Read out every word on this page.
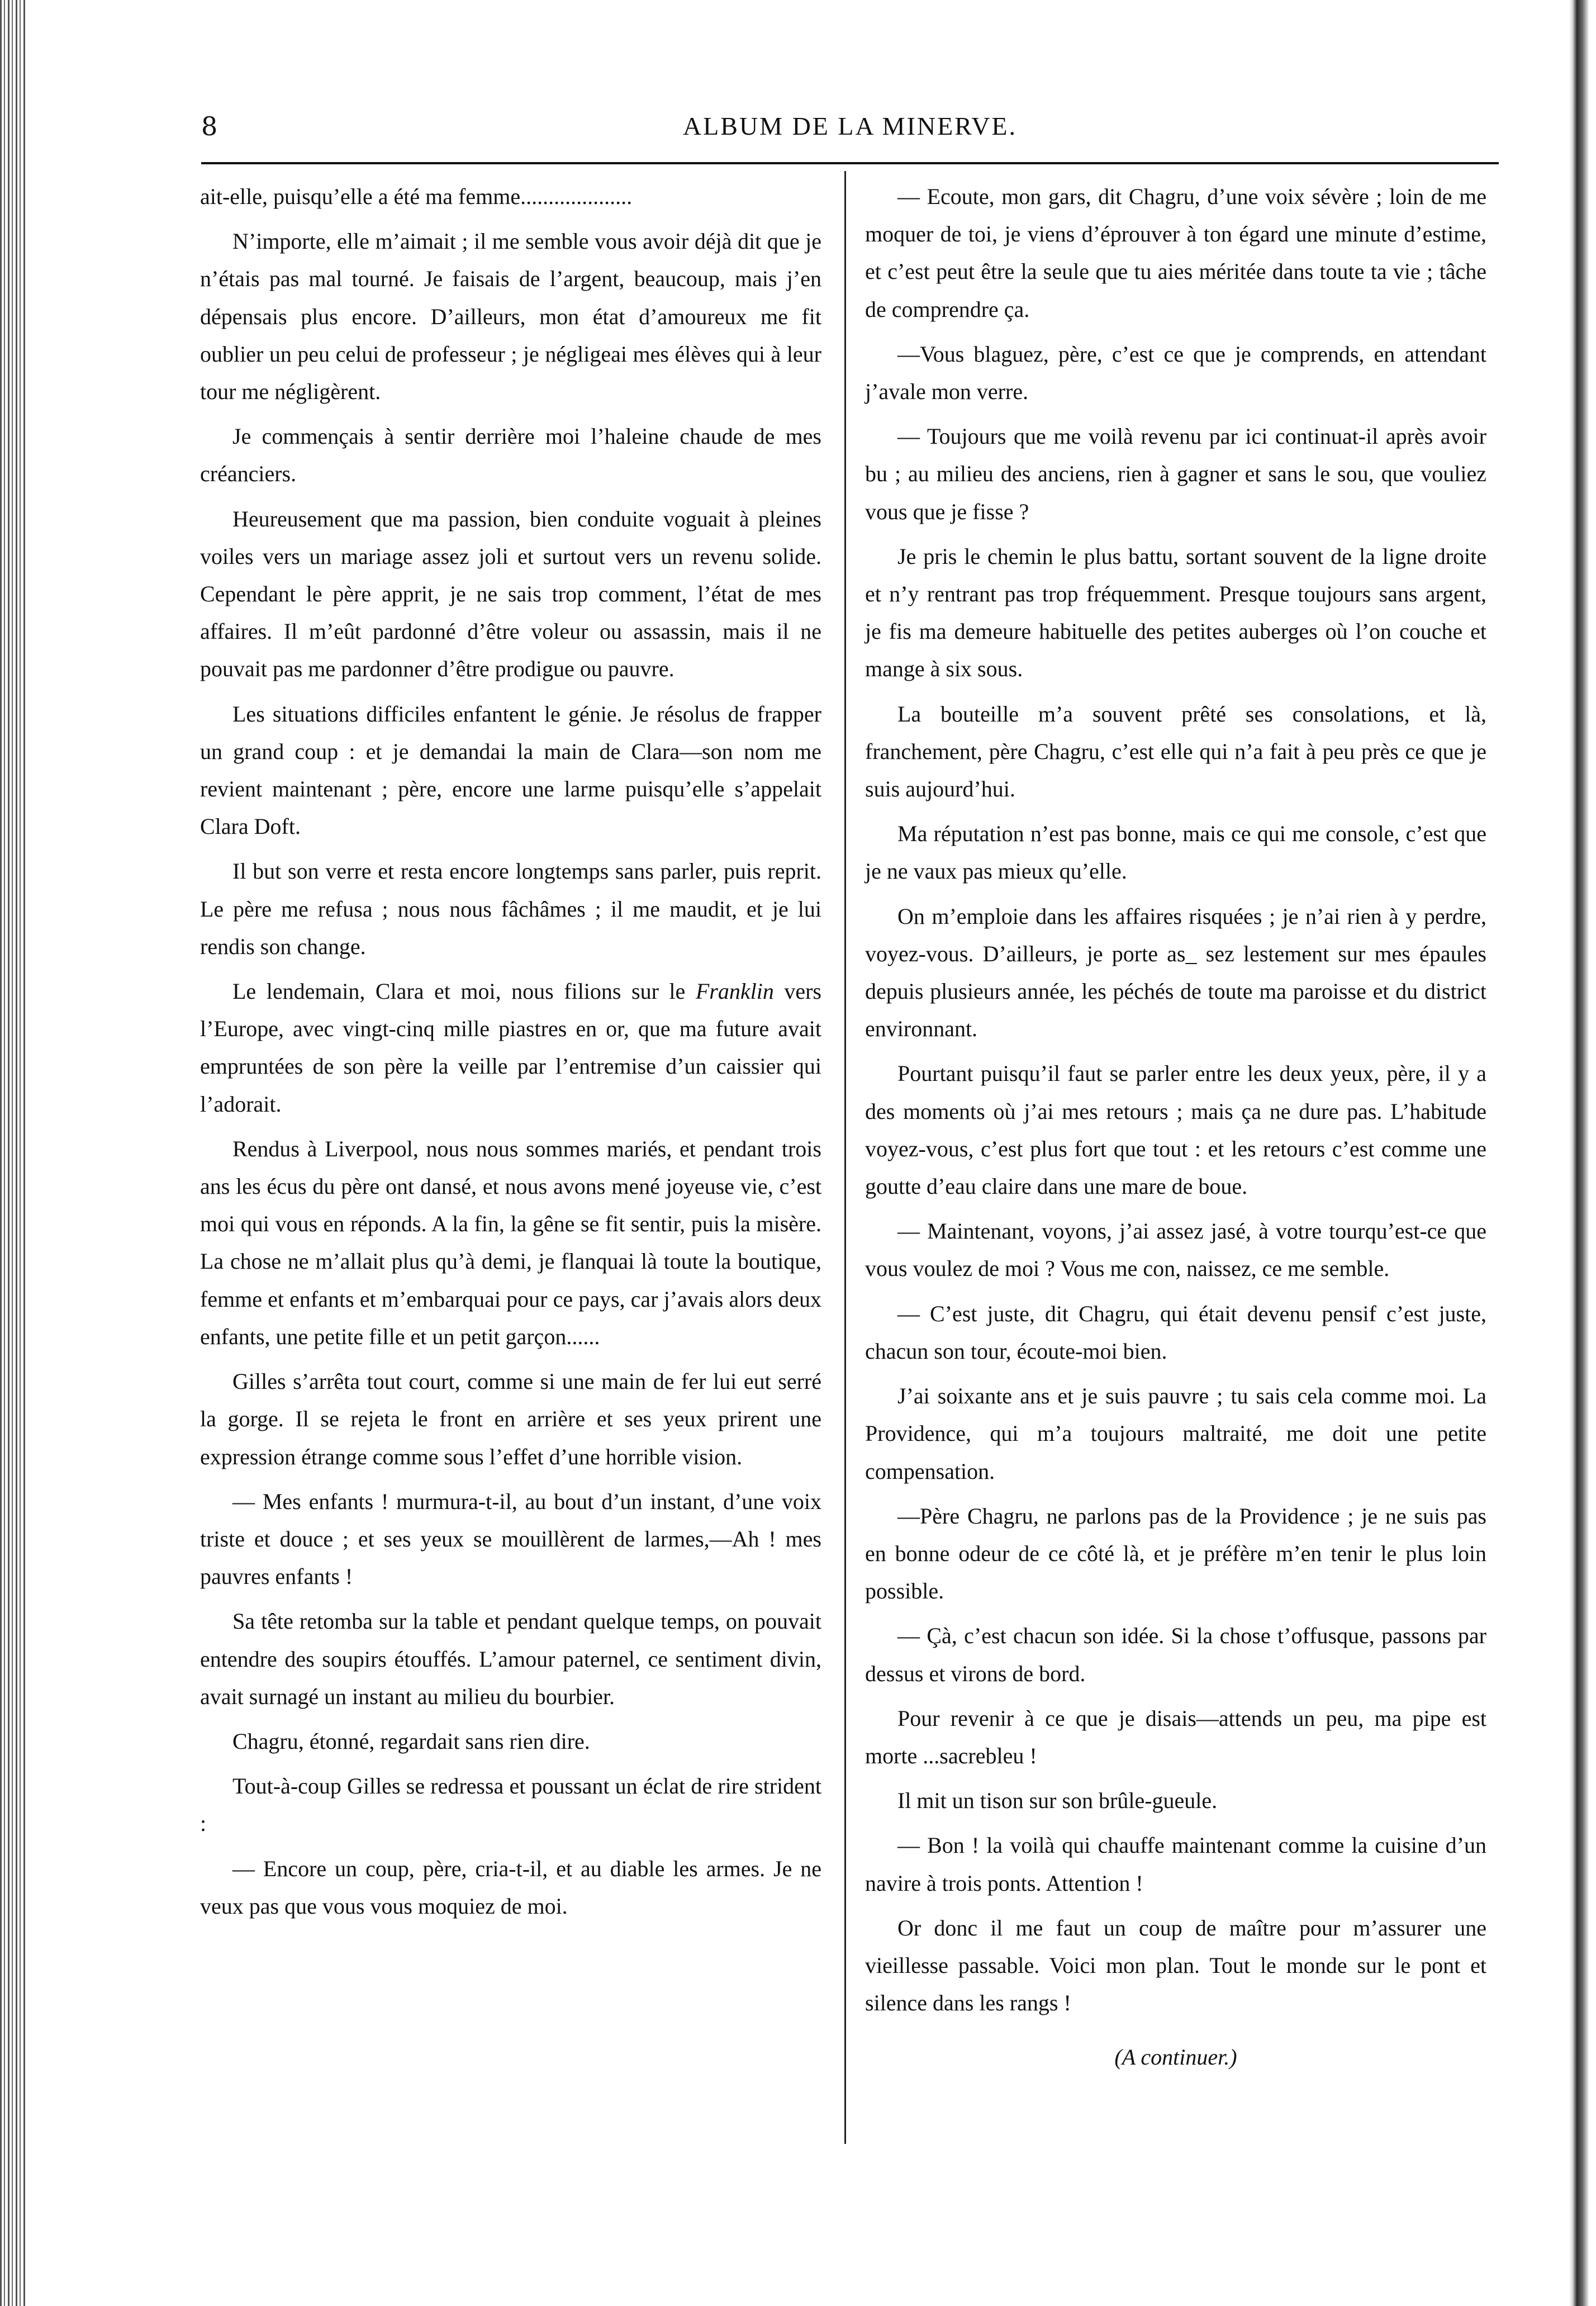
8	ALBUM DE LA MINERVE.

ait-elle, puisqu’elle a été ma femme....................

N’importe, elle m’aimait ; il me semble vous avoir déjà dit que je n’étais pas mal tourné. Je faisais de l’argent, beaucoup, mais j’en dépensais plus encore. D’ailleurs, mon état d’amoureux me fit oublier un peu celui de professeur ; je négligeai mes élèves qui à leur tour me négligèrent.

Je commençais à sentir derrière moi l’haleine chaude de mes créanciers.

Heureusement que ma passion, bien conduite voguait à pleines voiles vers un mariage assez joli et surtout vers un revenu solide. Cependant le père apprit, je ne sais trop comment, l’état de mes affaires. Il m’eût pardonné d’être voleur ou assassin, mais il ne pouvait pas me pardonner d’être prodigue ou pauvre.

Les situations difficiles enfantent le génie. Je résolus de frapper un grand coup : et je demandai la main de Clara—son nom me revient maintenant ; père, encore une larme puisqu’elle s’appelait Clara Doft.

Il but son verre et resta encore longtemps sans parler, puis reprit. Le père me refusa ; nous nous fâchâmes ; il me maudit, et je lui rendis son change.

Le lendemain, Clara et moi, nous filions sur le Franklin vers l’Europe, avec vingt-cinq mille piastres en or, que ma future avait empruntées de son père la veille par l’entremise d’un caissier qui l’adorait.

Rendus à Liverpool, nous nous sommes mariés, et pendant trois ans les écus du père ont dansé, et nous avons mené joyeuse vie, c’est moi qui vous en réponds. A la fin, la gêne se fit sentir, puis la misère. La chose ne m’allait plus qu’à demi, je flanquai là toute la boutique, femme et enfants et m’embarquai pour ce pays, car j’avais alors deux enfants, une petite fille et un petit garçon......

Gilles s’arrêta tout court, comme si une main de fer lui eut serré la gorge. Il se rejeta le front en arrière et ses yeux prirent une expression étrange comme sous l’effet d’une horrible vision.

— Mes enfants ! murmura-t-il, au bout d’un instant, d’une voix triste et douce ; et ses yeux se mouillèrent de larmes,—Ah ! mes pauvres enfants !

Sa tête retomba sur la table et pendant quelque temps, on pouvait entendre des soupirs étouffés. L’amour paternel, ce sentiment divin, avait surnagé un instant au milieu du bourbier.

Chagru, étonné, regardait sans rien dire.

Tout-à-coup Gilles se redressa et poussant un éclat de rire strident :

— Encore un coup, père, cria-t-il, et au diable les armes. Je ne veux pas que vous vous moquiez de moi.

— Ecoute, mon gars, dit Chagru, d’une voix sévère ; loin de me moquer de toi, je viens d’éprouver à ton égard une minute d’estime, et c’est peut être la seule que tu aies méritée dans toute ta vie ; tâche de comprendre ça.

—Vous blaguez, père, c’est ce que je comprends, en attendant j’avale mon verre.

— Toujours que me voilà revenu par ici continuat-il après avoir bu ; au milieu des anciens, rien à gagner et sans le sou, que vouliez vous que je fisse ?

Je pris le chemin le plus battu, sortant souvent de la ligne droite et n’y rentrant pas trop fréquemment. Presque toujours sans argent, je fis ma demeure habituelle des petites auberges où l’on couche et mange à six sous.

La bouteille m’a souvent prêté ses consolations, et là, franchement, père Chagru, c’est elle qui n’a fait à peu près ce que je suis aujourd’hui.

Ma réputation n’est pas bonne, mais ce qui me console, c’est que je ne vaux pas mieux qu’elle.

On m’emploie dans les affaires risquées ; je n’ai rien à y perdre, voyez-vous. D’ailleurs, je porte as_ sez lestement sur mes épaules depuis plusieurs année, les péchés de toute ma paroisse et du district environnant.

Pourtant puisqu’il faut se parler entre les deux yeux, père, il y a des moments où j’ai mes retours ; mais ça ne dure pas. L’habitude voyez-vous, c’est plus fort que tout : et les retours c’est comme une goutte d’eau claire dans une mare de boue.

— Maintenant, voyons, j’ai assez jasé, à votre tourqu’est-ce que vous voulez de moi ? Vous me con, naissez, ce me semble.

— C’est juste, dit Chagru, qui était devenu pensif c’est juste, chacun son tour, écoute-moi bien.

J’ai soixante ans et je suis pauvre ; tu sais cela comme moi. La Providence, qui m’a toujours maltraité, me doit une petite compensation.

—Père Chagru, ne parlons pas de la Providence ; je ne suis pas en bonne odeur de ce côté là, et je préfère m’en tenir le plus loin possible.

— Çà, c’est chacun son idée. Si la chose t’offusque, passons par dessus et virons de bord.

Pour revenir à ce que je disais—attends un peu, ma pipe est morte ...sacrebleu !

Il mit un tison sur son brûle-gueule.

— Bon ! la voilà qui chauffe maintenant comme la cuisine d’un navire à trois ponts. Attention !

Or donc il me faut un coup de maître pour m’assurer une vieillesse passable. Voici mon plan. Tout le monde sur le pont et silence dans les rangs !

(A continuer.)
